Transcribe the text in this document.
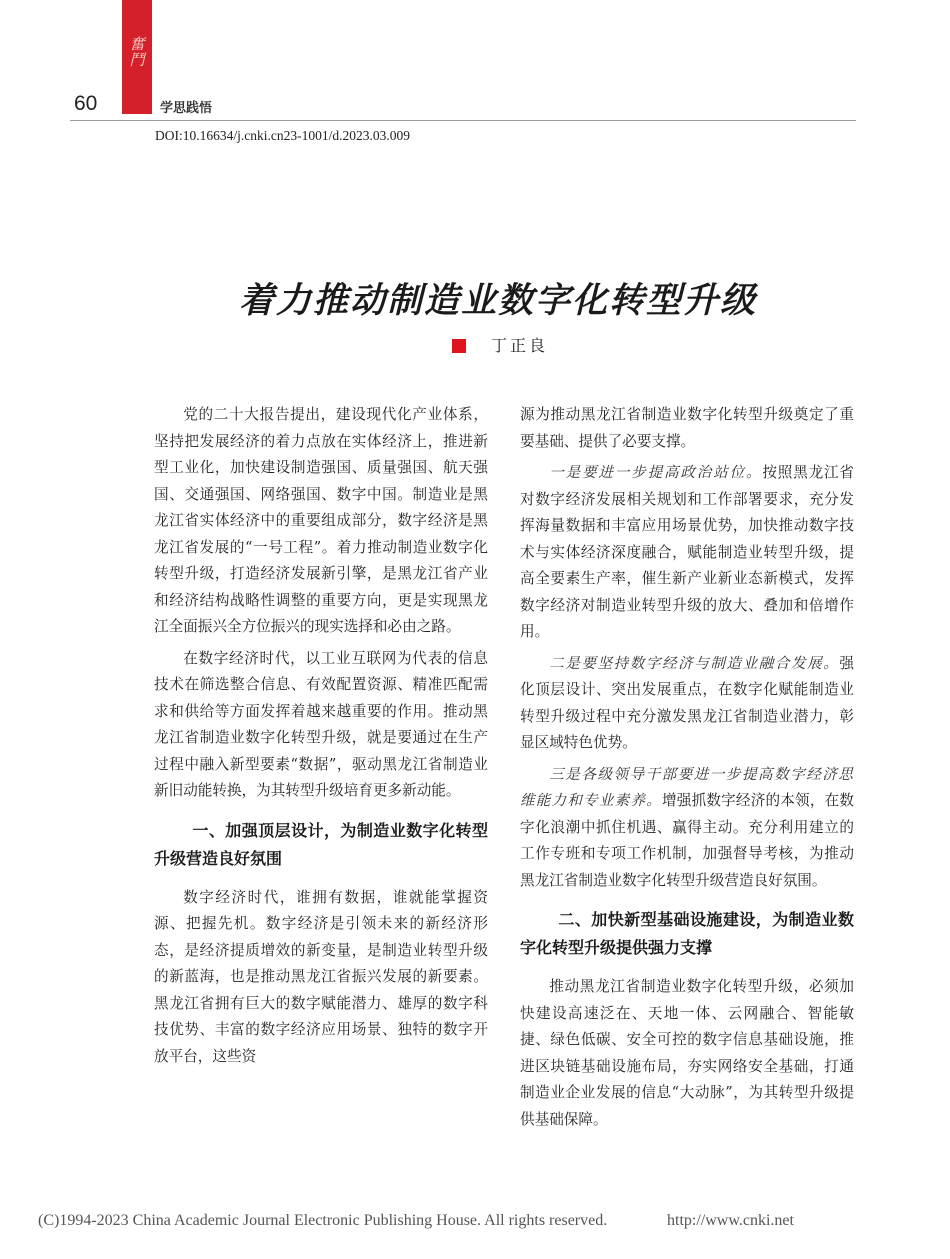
奮鬥
60	学思践悟
DOI:10.16634/j.cnki.cn23-1001/d.2023.03.009
着力推动制造业数字化转型升级
丁正良

党的二十大报告提出，建设现代化产业体系，坚持把发展经济的着力点放在实体经济上，推进新型工业化，加快建设制造强国、质量强国、航天强国、交通强国、网络强国、数字中国。制造业是黑龙江省实体经济中的重要组成部分，数字经济是黑龙江省发展的“一号工程”。着力推动制造业数字化转型升级，打造经济发展新引擎，是黑龙江省产业和经济结构战略性调整的重要方向，更是实现黑龙江全面振兴全方位振兴的现实选择和必由之路。

在数字经济时代，以工业互联网为代表的信息技术在筛选整合信息、有效配置资源、精准匹配需求和供给等方面发挥着越来越重要的作用。推动黑龙江省制造业数字化转型升级，就是要通过在生产过程中融入新型要素“数据”，驱动黑龙江省制造业新旧动能转换，为其转型升级培育更多新动能。

一、加强顶层设计，为制造业数字化转型升级营造良好氛围

数字经济时代，谁拥有数据，谁就能掌握资源、把握先机。数字经济是引领未来的新经济形态，是经济提质增效的新变量，是制造业转型升级的新蓝海，也是推动黑龙江省振兴发展的新要素。黑龙江省拥有巨大的数字赋能潜力、雄厚的数字科技优势、丰富的数字经济应用场景、独特的数字开放平台，这些资

源为推动黑龙江省制造业数字化转型升级奠定了重要基础、提供了必要支撑。

一是要进一步提高政治站位。按照黑龙江省对数字经济发展相关规划和工作部署要求，充分发挥海量数据和丰富应用场景优势，加快推动数字技术与实体经济深度融合，赋能制造业转型升级，提高全要素生产率，催生新产业新业态新模式，发挥数字经济对制造业转型升级的放大、叠加和倍增作用。

二是要坚持数字经济与制造业融合发展。强化顶层设计、突出发展重点，在数字化赋能制造业转型升级过程中充分激发黑龙江省制造业潜力，彰显区域特色优势。

三是各级领导干部要进一步提高数字经济思维能力和专业素养。增强抓数字经济的本领，在数字化浪潮中抓住机遇、赢得主动。充分利用建立的工作专班和专项工作机制，加强督导考核，为推动黑龙江省制造业数字化转型升级营造良好氛围。

二、加快新型基础设施建设，为制造业数字化转型升级提供强力支撑

推动黑龙江省制造业数字化转型升级，必须加快建设高速泛在、天地一体、云网融合、智能敏捷、绿色低碳、安全可控的数字信息基础设施，推进区块链基础设施布局，夯实网络安全基础，打通制造业企业发展的信息“大动脉”，为其转型升级提供基础保障。

(C)1994-2023 China Academic Journal Electronic Publishing House. All rights reserved.	http://www.cnki.net
